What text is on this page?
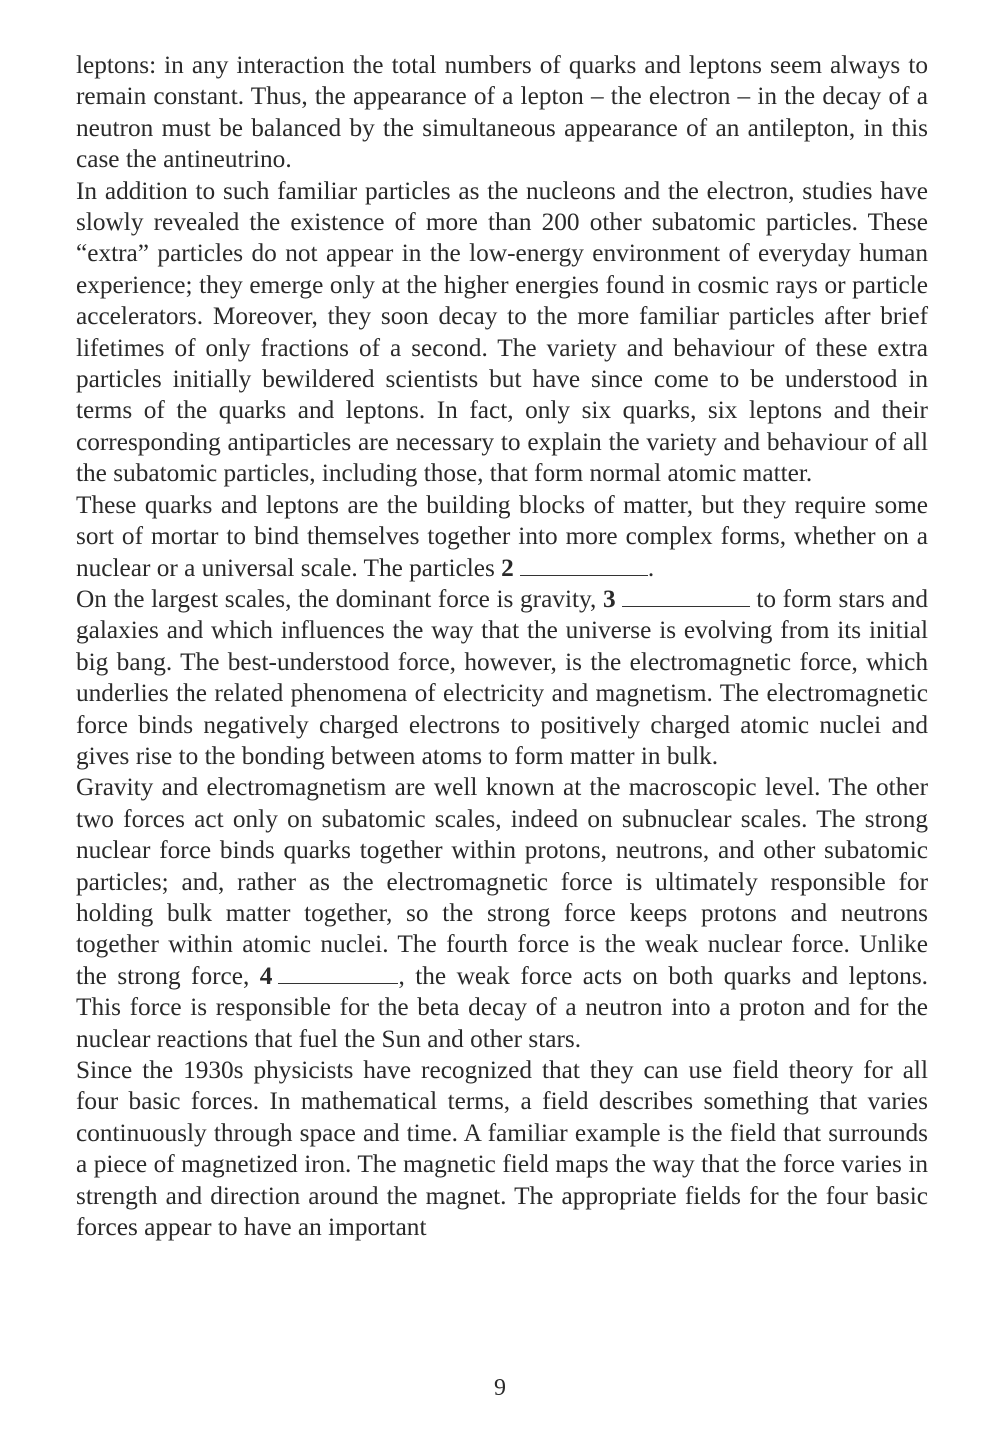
leptons: in any interaction the total numbers of quarks and leptons seem always to remain constant. Thus, the appearance of a lepton – the electron – in the decay of a neutron must be balanced by the simultaneous appearance of an antilepton, in this case the antineutrino.

In addition to such familiar particles as the nucleons and the electron, studies have slowly revealed the existence of more than 200 other subatomic particles. These “extra” particles do not appear in the low-energy environment of everyday human experience; they emerge only at the higher energies found in cosmic rays or particle accelerators. Moreover, they soon decay to the more familiar particles after brief lifetimes of only fractions of a second. The variety and behaviour of these extra particles initially bewildered scientists but have since come to be understood in terms of the quarks and leptons. In fact, only six quarks, six leptons and their corresponding antiparticles are necessary to explain the variety and behaviour of all the subatomic particles, including those, that form normal atomic matter.

These quarks and leptons are the building blocks of matter, but they require some sort of mortar to bind themselves together into more complex forms, whether on a nuclear or a universal scale. The particles 2	.

On the largest scales, the dominant force is gravity, 3	to form stars and galaxies and which influences the way that the universe is evolving from its initial big bang. The best-understood force, however, is the electromagnetic force, which underlies the related phenomena of electricity and magnetism. The electromagnetic force binds negatively charged electrons to positively charged atomic nuclei and gives rise to the bonding between atoms to form matter in bulk.

Gravity and electromagnetism are well known at the macroscopic level. The other two forces act only on subatomic scales, indeed on subnuclear scales. The strong nuclear force binds quarks together within protons, neutrons, and other subatomic particles; and, rather as the electromagnetic force is ultimately responsible for holding bulk matter together, so the strong force keeps protons and neutrons together within atomic nuclei. The fourth force is the weak nuclear force. Unlike the strong force, 4	, the weak force acts on both quarks and leptons. This force is responsible for the beta decay of a neutron into a proton and for the nuclear reactions that fuel the Sun and other stars.

Since the 1930s physicists have recognized that they can use field theory for all four basic forces. In mathematical terms, a field describes something that varies continuously through space and time. A familiar example is the field that surrounds a piece of magnetized iron. The magnetic field maps the way that the force varies in strength and direction around the magnet. The appropriate fields for the four basic forces appear to have an important

9
